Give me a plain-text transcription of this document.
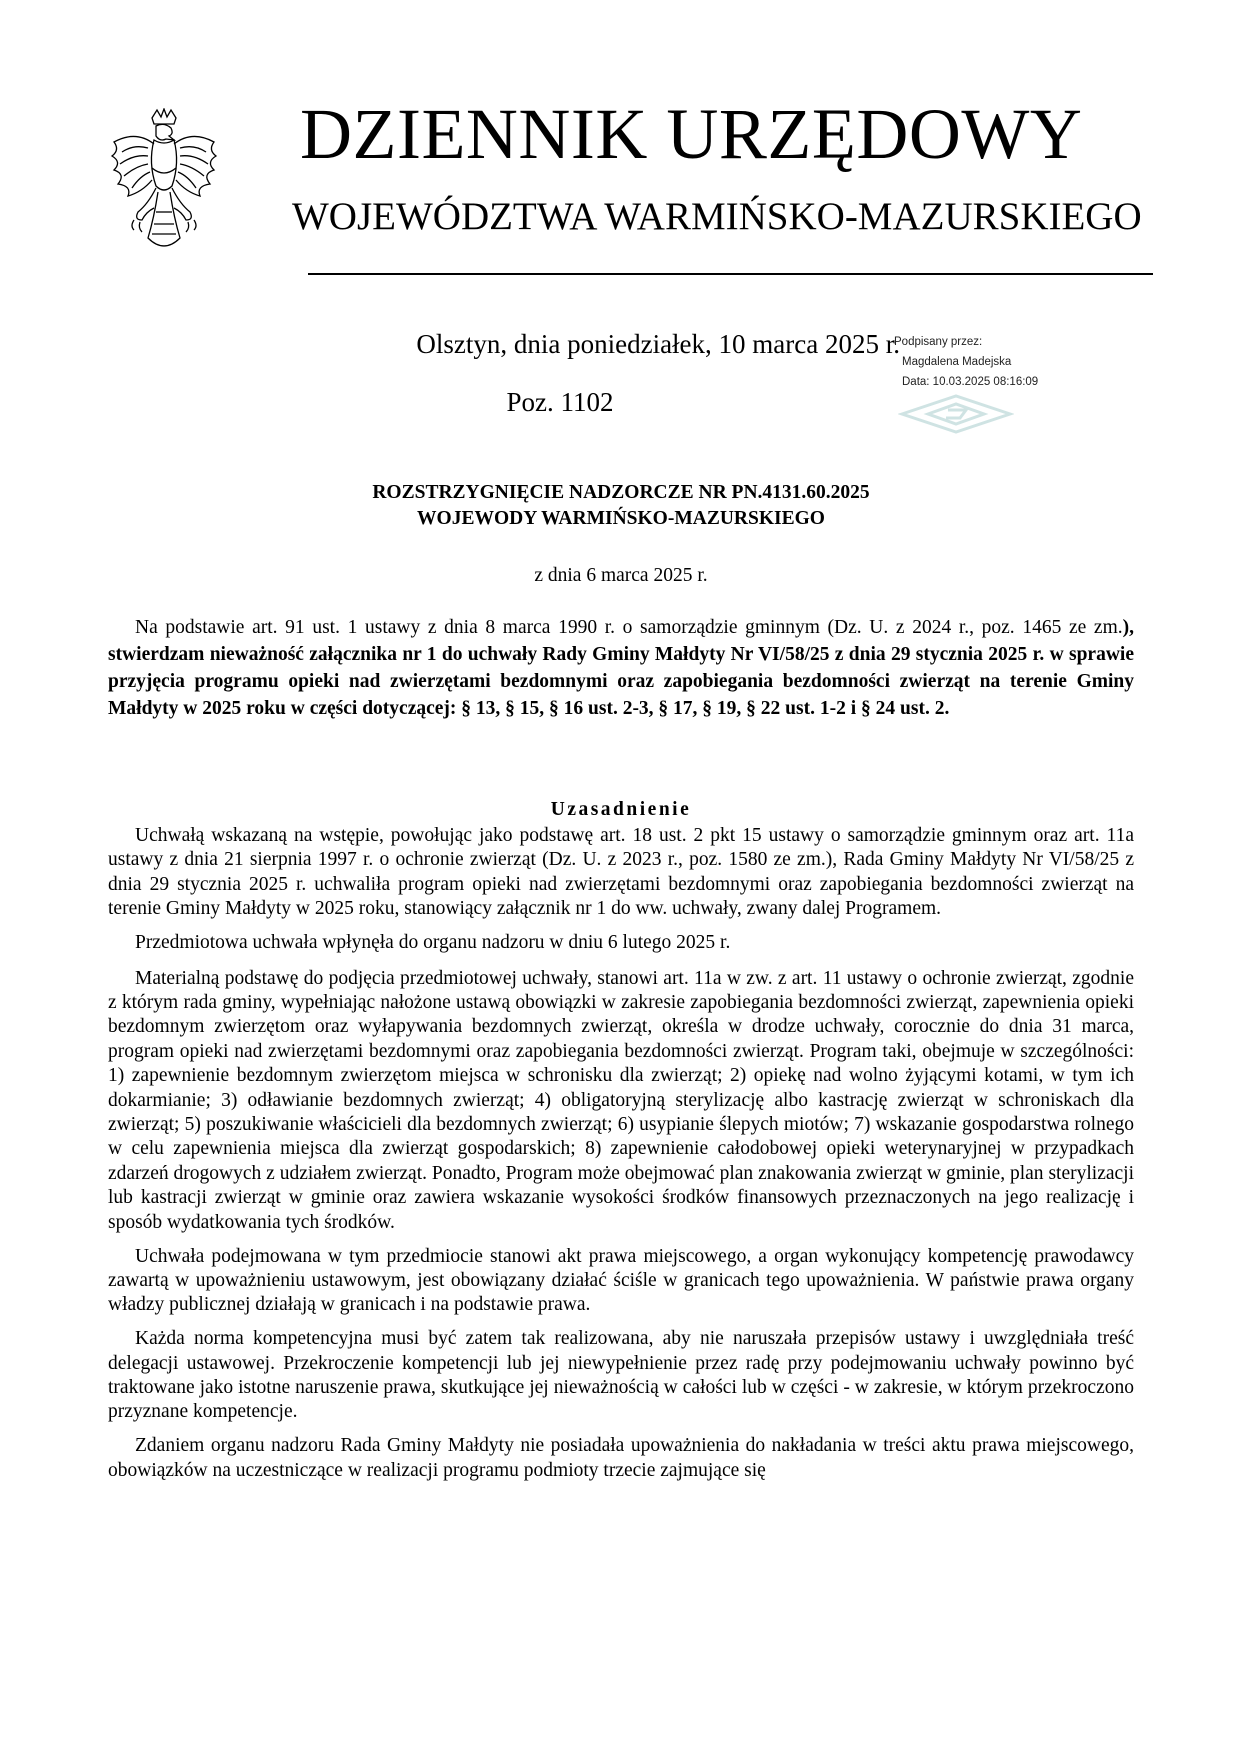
DZIENNIK URZĘDOWY
WOJEWÓDZTWA WARMIŃSKO-MAZURSKIEGO
Olsztyn, dnia poniedziałek, 10 marca 2025 r.
Poz. 1102
Podpisany przez:
Magdalena Madejska
Data: 10.03.2025 08:16:09
ROZSTRZYGNIĘCIE NADZORCZE NR PN.4131.60.2025
WOJEWODY WARMIŃSKO-MAZURSKIEGO
z dnia 6 marca 2025 r.

Na podstawie art. 91 ust. 1 ustawy z dnia 8 marca 1990 r. o samorządzie gminnym (Dz. U. z 2024 r., poz. 1465 ze zm.), stwierdzam nieważność załącznika nr 1 do uchwały Rady Gminy Małdyty Nr VI/58/25 z dnia 29 stycznia 2025 r. w sprawie przyjęcia programu opieki nad zwierzętami bezdomnymi oraz zapobiegania bezdomności zwierząt na terenie Gminy Małdyty w 2025 roku w części dotyczącej: § 13, § 15, § 16 ust. 2-3, § 17, § 19, § 22 ust. 1-2 i § 24 ust. 2.

Uzasadnienie

Uchwałą wskazaną na wstępie, powołując jako podstawę art. 18 ust. 2 pkt 15 ustawy o samorządzie gminnym oraz art. 11a ustawy z dnia 21 sierpnia 1997 r. o ochronie zwierząt (Dz. U. z 2023 r., poz. 1580 ze zm.), Rada Gminy Małdyty Nr VI/58/25 z dnia 29 stycznia 2025 r. uchwaliła program opieki nad zwierzętami bezdomnymi oraz zapobiegania bezdomności zwierząt na terenie Gminy Małdyty w 2025 roku, stanowiący załącznik nr 1 do ww. uchwały, zwany dalej Programem.

Przedmiotowa uchwała wpłynęła do organu nadzoru w dniu 6 lutego 2025 r.

Materialną podstawę do podjęcia przedmiotowej uchwały, stanowi art. 11a w zw. z art. 11 ustawy o ochronie zwierząt, zgodnie z którym rada gminy, wypełniając nałożone ustawą obowiązki w zakresie zapobiegania bezdomności zwierząt, zapewnienia opieki bezdomnym zwierzętom oraz wyłapywania bezdomnych zwierząt, określa w drodze uchwały, corocznie do dnia 31 marca, program opieki nad zwierzętami bezdomnymi oraz zapobiegania bezdomności zwierząt. Program taki, obejmuje w szczególności: 1) zapewnienie bezdomnym zwierzętom miejsca w schronisku dla zwierząt; 2) opiekę nad wolno żyjącymi kotami, w tym ich dokarmianie; 3) odławianie bezdomnych zwierząt; 4) obligatoryjną sterylizację albo kastrację zwierząt w schroniskach dla zwierząt; 5) poszukiwanie właścicieli dla bezdomnych zwierząt; 6) usypianie ślepych miotów; 7) wskazanie gospodarstwa rolnego w celu zapewnienia miejsca dla zwierząt gospodarskich; 8) zapewnienie całodobowej opieki weterynaryjnej w przypadkach zdarzeń drogowych z udziałem zwierząt. Ponadto, Program może obejmować plan znakowania zwierząt w gminie, plan sterylizacji lub kastracji zwierząt w gminie oraz zawiera wskazanie wysokości środków finansowych przeznaczonych na jego realizację i sposób wydatkowania tych środków.

Uchwała podejmowana w tym przedmiocie stanowi akt prawa miejscowego, a organ wykonujący kompetencję prawodawcy zawartą w upoważnieniu ustawowym, jest obowiązany działać ściśle w granicach tego upoważnienia. W państwie prawa organy władzy publicznej działają w granicach i na podstawie prawa.

Każda norma kompetencyjna musi być zatem tak realizowana, aby nie naruszała przepisów ustawy i uwzględniała treść delegacji ustawowej. Przekroczenie kompetencji lub jej niewypełnienie przez radę przy podejmowaniu uchwały powinno być traktowane jako istotne naruszenie prawa, skutkujące jej nieważnością w całości lub w części - w zakresie, w którym przekroczono przyznane kompetencje.

Zdaniem organu nadzoru Rada Gminy Małdyty nie posiadała upoważnienia do nakładania w treści aktu prawa miejscowego, obowiązków na uczestniczące w realizacji programu podmioty trzecie zajmujące się
